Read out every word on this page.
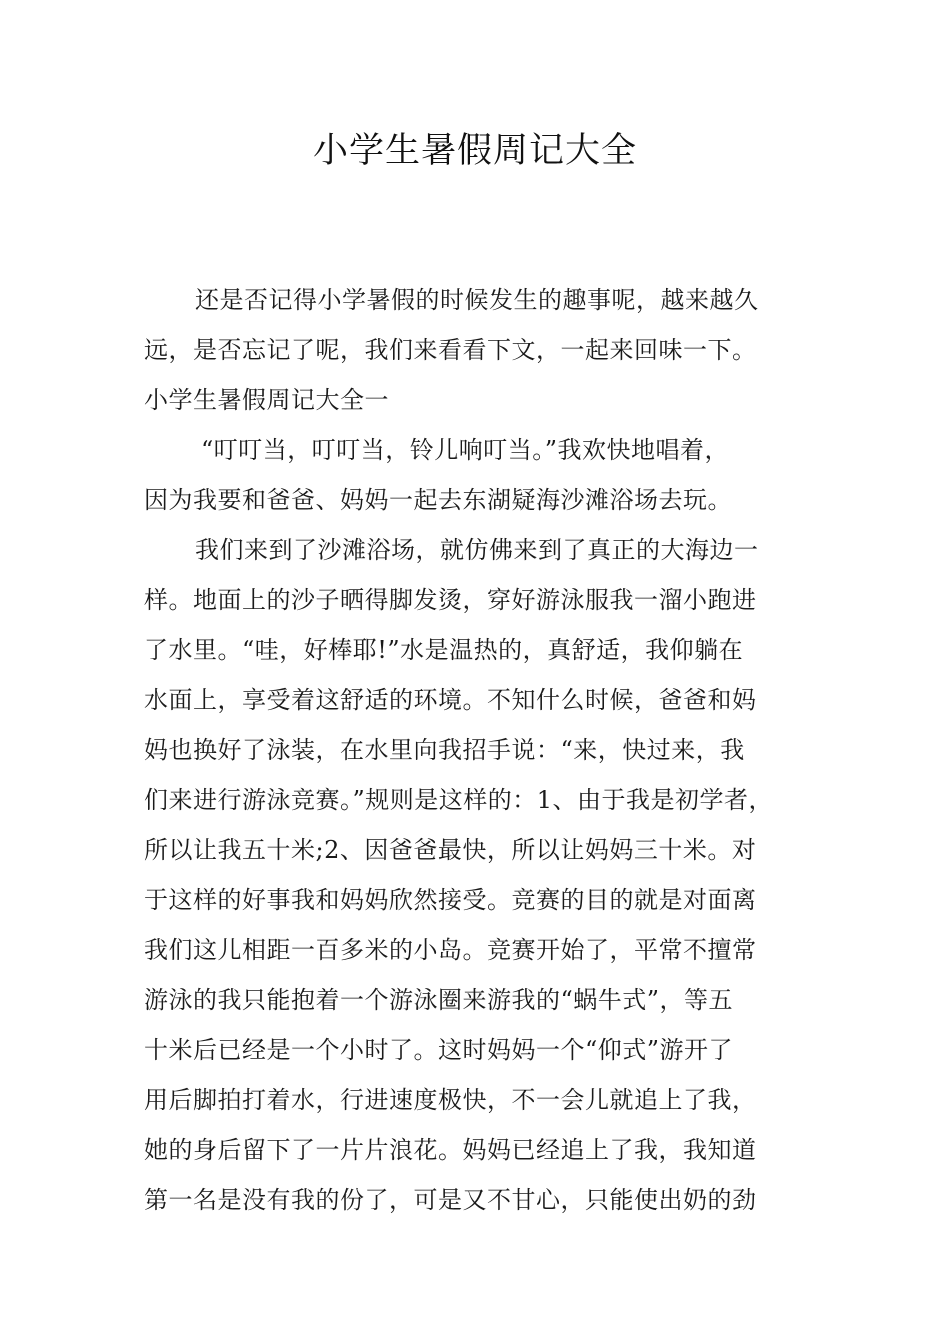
小学生暑假周记大全
还是否记得小学暑假的时候发生的趣事呢，越来越久
远，是否忘记了呢，我们来看看下文，一起来回味一下。
小学生暑假周记大全一
“叮叮当，叮叮当，铃儿响叮当。”我欢快地唱着，
因为我要和爸爸、妈妈一起去东湖疑海沙滩浴场去玩。
我们来到了沙滩浴场，就仿佛来到了真正的大海边一
样。地面上的沙子晒得脚发烫，穿好游泳服我一溜小跑进
了水里。“哇，好棒耶!”水是温热的，真舒适，我仰躺在
水面上，享受着这舒适的环境。不知什么时候，爸爸和妈
妈也换好了泳装，在水里向我招手说：“来，快过来，我
们来进行游泳竞赛。”规则是这样的：1、由于我是初学者，
所以让我五十米;2、因爸爸最快，所以让妈妈三十米。对
于这样的好事我和妈妈欣然接受。竞赛的目的就是对面离
我们这儿相距一百多米的小岛。竞赛开始了，平常不擅常
游泳的我只能抱着一个游泳圈来游我的“蜗牛式”，等五
十米后已经是一个小时了。这时妈妈一个“仰式”游开了
用后脚拍打着水，行进速度极快，不一会儿就追上了我，
她的身后留下了一片片浪花。妈妈已经追上了我，我知道
第一名是没有我的份了，可是又不甘心，只能使出奶的劲
